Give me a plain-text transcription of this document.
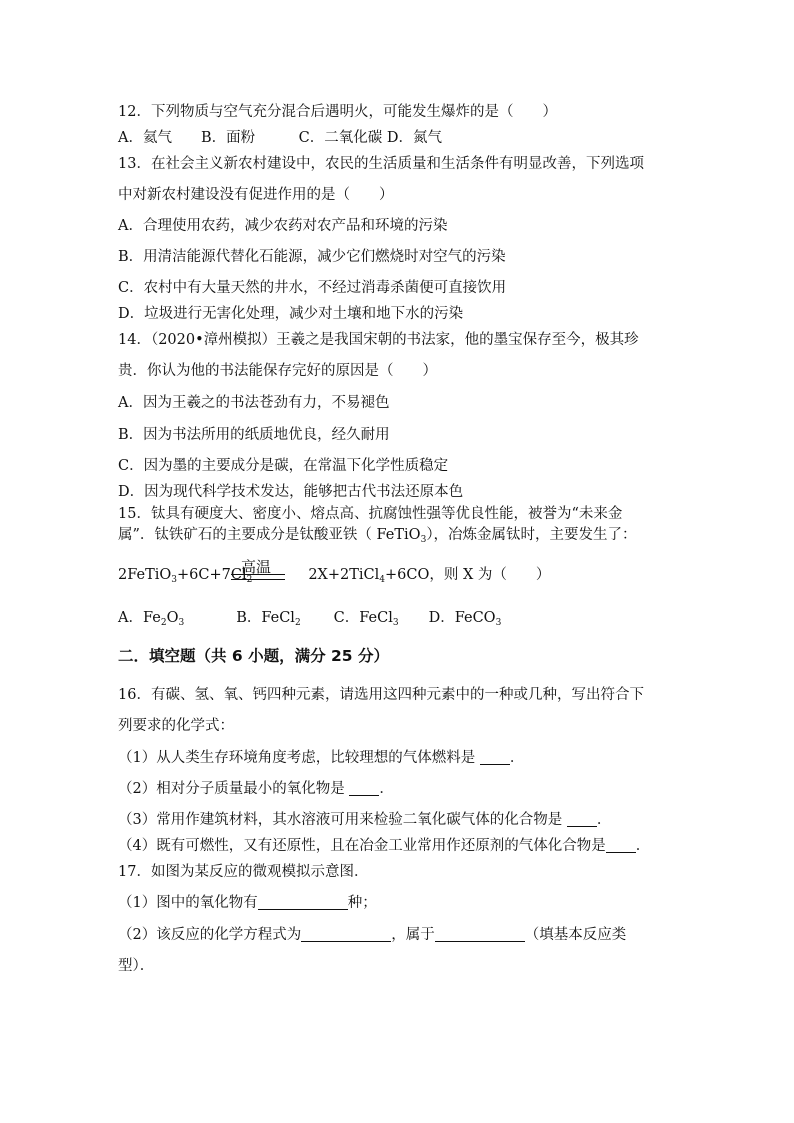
12．下列物质与空气充分混合后遇明火，可能发生爆炸的是（　　）
A．氦气　　B．面粉　　　C．二氧化碳 D．氮气
13．在社会主义新农村建设中，农民的生活质量和生活条件有明显改善，下列选项
中对新农村建设没有促进作用的是（　　）
A．合理使用农药，减少农药对农产品和环境的污染
B．用清洁能源代替化石能源，减少它们燃烧时对空气的污染
C．农村中有大量天然的井水，不经过消毒杀菌便可直接饮用
D．垃圾进行无害化处理，减少对土壤和地下水的污染
14．（2020•漳州模拟）王羲之是我国宋朝的书法家，他的墨宝保存至今，极其珍
贵．你认为他的书法能保存完好的原因是（　　）
A．因为王羲之的书法苍劲有力，不易褪色
B．因为书法所用的纸质地优良，经久耐用
C．因为墨的主要成分是碳，在常温下化学性质稳定
D．因为现代科学技术发达，能够把古代书法还原本色
15．钛具有硬度大、密度小、熔点高、抗腐蚀性强等优良性能，被誉为“未来金
属”．钛铁矿石的主要成分是钛酸亚铁（ FeTiO$_3$），冶炼金属钛时，主要发生了：
$2FeTiO_3+6C+7Cl_2$	2X+2TiCl$_4$+6CO，则 X 为（　　）
高温
A．$Fe_2O_3$	B．FeCl$_2$ C．FeCl$_3$ D．FeCO$_3$
二．填空题（共 6 小题，满分 25 分）
16．有碳、氢、氧、钙四种元素，请选用这四种元素中的一种或几种，写出符合下
列要求的化学式：
（1）从人类生存环境角度考虑，比较理想的气体燃料是 ．
（2）相对分子质量最小的氧化物是 ．
（3）常用作建筑材料，其水溶液可用来检验二氧化碳气体的化合物是 ．
（4）既有可燃性，又有还原性，且在冶金工业常用作还原剂的气体化合物是 ．
17．如图为某反应的微观模拟示意图．
（1）图中的氧化物有	种；
（2）该反应的化学方程式为	，属于	（填基本反应类
型）．
